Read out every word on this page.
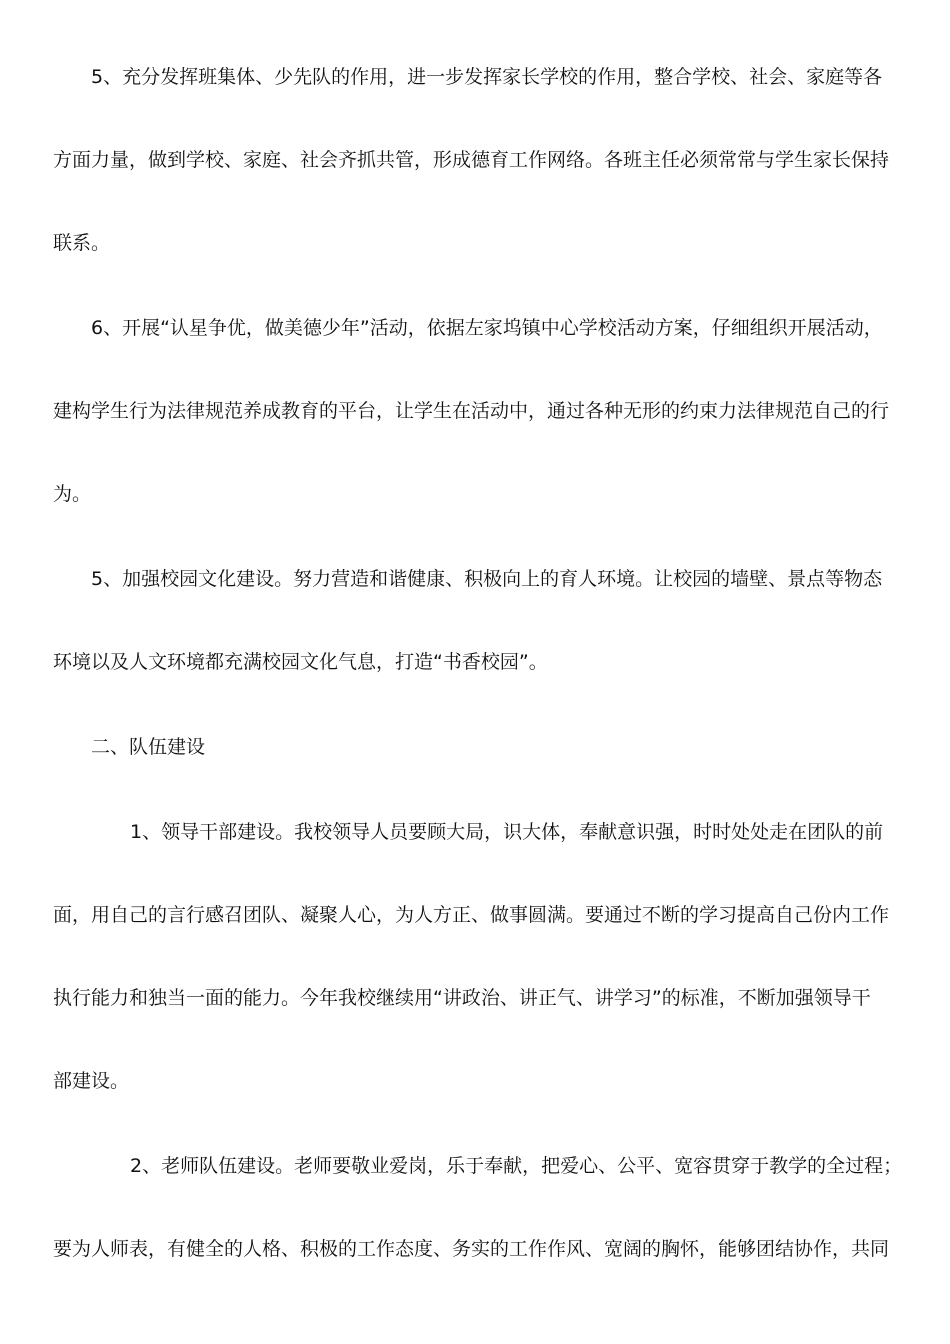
5、充分发挥班集体、少先队的作用，进一步发挥家长学校的作用，整合学校、社会、家庭等各
方面力量，做到学校、家庭、社会齐抓共管，形成德育工作网络。各班主任必须常常与学生家长保持
联系。
6、开展“认星争优，做美德少年”活动，依据左家坞镇中心学校活动方案，仔细组织开展活动，
建构学生行为法律规范养成教育的平台，让学生在活动中，通过各种无形的约束力法律规范自己的行
为。
5、加强校园文化建设。努力营造和谐健康、积极向上的育人环境。让校园的墙壁、景点等物态
环境以及人文环境都充满校园文化气息，打造“书香校园”。
二、队伍建设
1、领导干部建设。我校领导人员要顾大局，识大体，奉献意识强，时时处处走在团队的前
面，用自己的言行感召团队、凝聚人心，为人方正、做事圆满。要通过不断的学习提高自己份内工作
执行能力和独当一面的能力。今年我校继续用“讲政治、讲正气、讲学习”的标准，不断加强领导干
部建设。
2、老师队伍建设。老师要敬业爱岗，乐于奉献，把爱心、公平、宽容贯穿于教学的全过程；
要为人师表，有健全的人格、积极的工作态度、务实的工作作风、宽阔的胸怀，能够团结协作，共同
